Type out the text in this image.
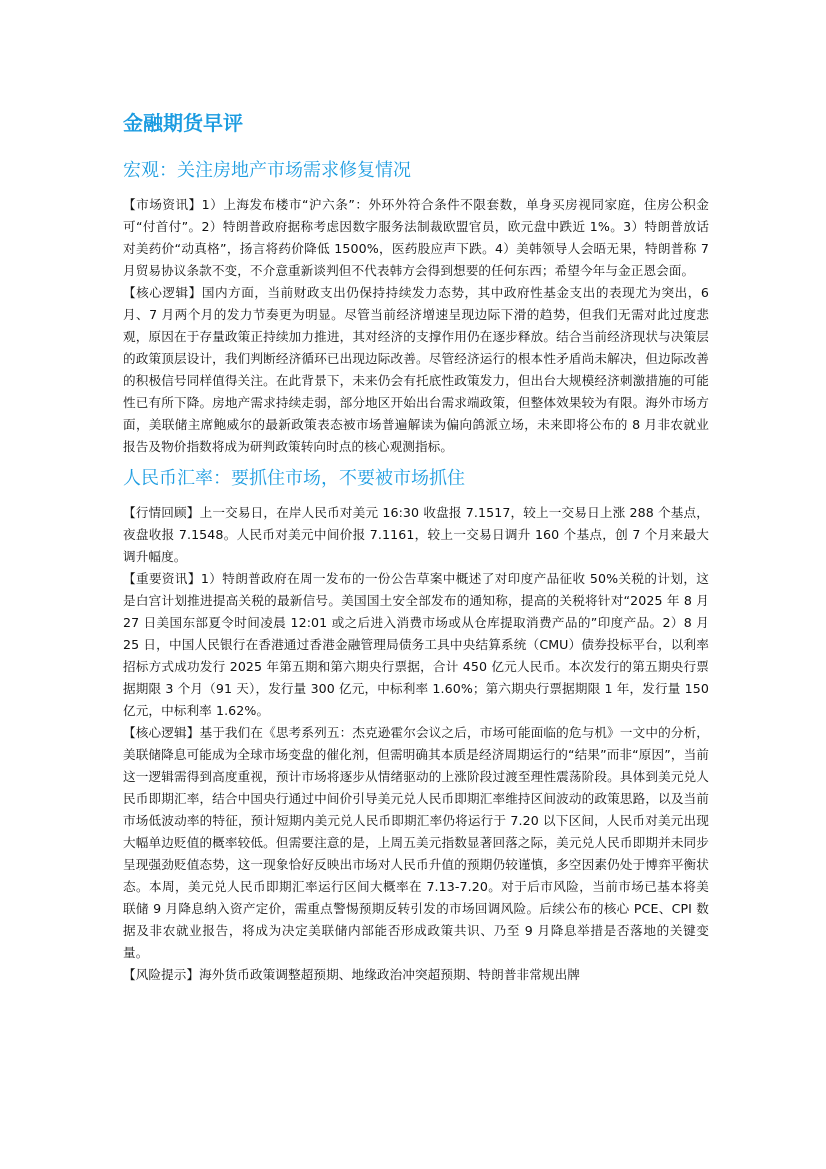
金融期货早评
宏观：关注房地产市场需求修复情况

【市场资讯】1）上海发布楼市“沪六条”：外环外符合条件不限套数，单身买房视同家庭，住房公积金可“付首付”。2）特朗普政府据称考虑因数字服务法制裁欧盟官员，欧元盘中跌近 1%。3）特朗普放话对美药价“动真格”，扬言将药价降低 1500%，医药股应声下跌。4）美韩领导人会晤无果，特朗普称 7 月贸易协议条款不变，不介意重新谈判但不代表韩方会得到想要的任何东西；希望今年与金正恩会面。

【核心逻辑】国内方面，当前财政支出仍保持持续发力态势，其中政府性基金支出的表现尤为突出，6 月、7 月两个月的发力节奏更为明显。尽管当前经济增速呈现边际下滑的趋势，但我们无需对此过度悲观，原因在于存量政策正持续加力推进，其对经济的支撑作用仍在逐步释放。结合当前经济现状与决策层的政策顶层设计，我们判断经济循环已出现边际改善。尽管经济运行的根本性矛盾尚未解决，但边际改善的积极信号同样值得关注。在此背景下，未来仍会有托底性政策发力，但出台大规模经济刺激措施的可能性已有所下降。房地产需求持续走弱，部分地区开始出台需求端政策，但整体效果较为有限。海外市场方面，美联储主席鲍威尔的最新政策表态被市场普遍解读为偏向鸽派立场，未来即将公布的 8 月非农就业报告及物价指数将成为研判政策转向时点的核心观测指标。

人民币汇率：要抓住市场，不要被市场抓住

【行情回顾】上一交易日，在岸人民币对美元 16:30 收盘报 7.1517，较上一交易日上涨 288 个基点，夜盘收报 7.1548。人民币对美元中间价报 7.1161，较上一交易日调升 160 个基点，创 7 个月来最大调升幅度。

【重要资讯】1）特朗普政府在周一发布的一份公告草案中概述了对印度产品征收 50%关税的计划，这是白宫计划推进提高关税的最新信号。美国国土安全部发布的通知称，提高的关税将针对“2025 年 8 月 27 日美国东部夏令时间凌晨 12:01 或之后进入消费市场或从仓库提取消费产品的”印度产品。2）8 月 25 日，中国人民银行在香港通过香港金融管理局债务工具中央结算系统（CMU）债券投标平台，以利率招标方式成功发行 2025 年第五期和第六期央行票据，合计 450 亿元人民币。本次发行的第五期央行票据期限 3 个月（91 天），发行量 300 亿元，中标利率 1.60%；第六期央行票据期限 1 年，发行量 150 亿元，中标利率 1.62%。

【核心逻辑】基于我们在《思考系列五：杰克逊霍尔会议之后，市场可能面临的危与机》一文中的分析，美联储降息可能成为全球市场变盘的催化剂，但需明确其本质是经济周期运行的“结果”而非“原因”，当前这一逻辑需得到高度重视，预计市场将逐步从情绪驱动的上涨阶段过渡至理性震荡阶段。具体到美元兑人民币即期汇率，结合中国央行通过中间价引导美元兑人民币即期汇率维持区间波动的政策思路，以及当前市场低波动率的特征，预计短期内美元兑人民币即期汇率仍将运行于 7.20 以下区间，人民币对美元出现大幅单边贬值的概率较低。但需要注意的是，上周五美元指数显著回落之际，美元兑人民币即期并未同步呈现强劲贬值态势，这一现象恰好反映出市场对人民币升值的预期仍较谨慎，多空因素仍处于博弈平衡状态。本周，美元兑人民币即期汇率运行区间大概率在 7.13-7.20。对于后市风险，当前市场已基本将美联储 9 月降息纳入资产定价，需重点警惕预期反转引发的市场回调风险。后续公布的核心 PCE、CPI 数据及非农就业报告，将成为决定美联储内部能否形成政策共识、乃至 9 月降息举措是否落地的关键变量。

【风险提示】海外货币政策调整超预期、地缘政治冲突超预期、特朗普非常规出牌
